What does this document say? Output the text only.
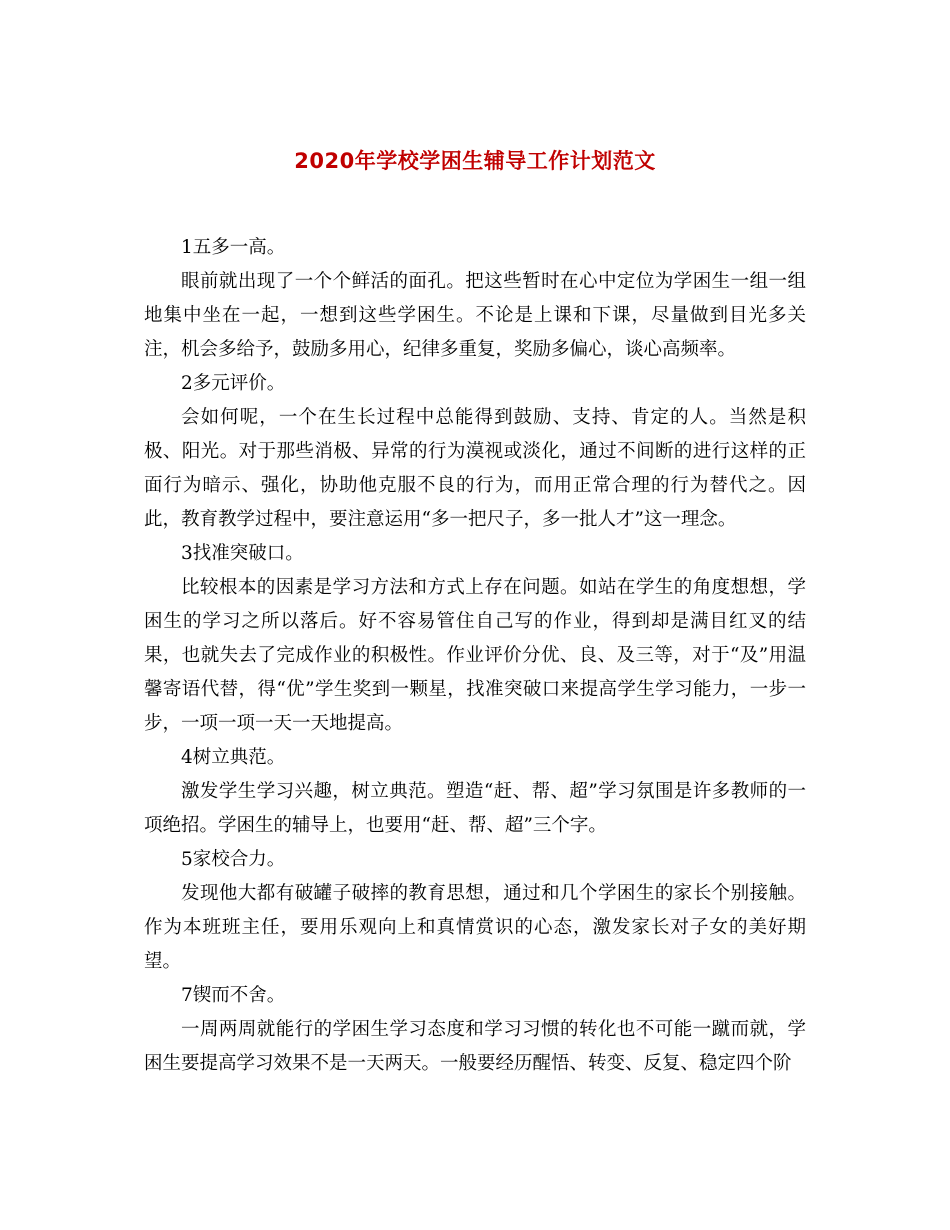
2020年学校学困生辅导工作计划范文

1五多一高。

眼前就出现了一个个鲜活的面孔。把这些暂时在心中定位为学困生一组一组地集中坐在一起，一想到这些学困生。不论是上课和下课，尽量做到目光多关注，机会多给予，鼓励多用心，纪律多重复，奖励多偏心，谈心高频率。

2多元评价。

会如何呢，一个在生长过程中总能得到鼓励、支持、肯定的人。当然是积极、阳光。对于那些消极、异常的行为漠视或淡化，通过不间断的进行这样的正面行为暗示、强化，协助他克服不良的行为，而用正常合理的行为替代之。因此，教育教学过程中，要注意运用“多一把尺子，多一批人才”这一理念。

3找准突破口。

比较根本的因素是学习方法和方式上存在问题。如站在学生的角度想想，学困生的学习之所以落后。好不容易管住自己写的作业，得到却是满目红叉的结果，也就失去了完成作业的积极性。作业评价分优、良、及三等，对于“及”用温馨寄语代替，得“优”学生奖到一颗星，找准突破口来提高学生学习能力，一步一步，一项一项一天一天地提高。

4树立典范。

激发学生学习兴趣，树立典范。塑造“赶、帮、超”学习氛围是许多教师的一项绝招。学困生的辅导上，也要用“赶、帮、超”三个字。

5家校合力。

发现他大都有破罐子破摔的教育思想，通过和几个学困生的家长个别接触。作为本班班主任，要用乐观向上和真情赏识的心态，激发家长对子女的美好期望。

7锲而不舍。

一周两周就能行的学困生学习态度和学习习惯的转化也不可能一蹴而就，学困生要提高学习效果不是一天两天。一般要经历醒悟、转变、反复、稳定四个阶
